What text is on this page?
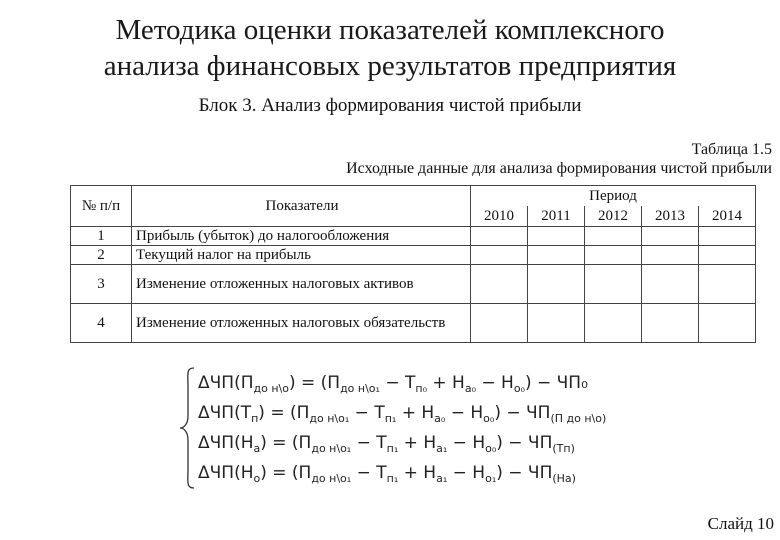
Методика оценки показателей комплексного
анализа финансовых результатов предприятия
Блок 3. Анализ формирования чистой прибыли
Таблица 1.5
Исходные данные для анализа формирования чистой прибыли
№ п/п	Показатели	Период				
		2010	2011	2012	2013	2014
1	Прибыль (убыток) до налогообложения					
2	Текущий налог на прибыль					
3	Изменение отложенных налоговых активов					
4	Изменение отложенных налоговых обязательств					
$\Delta ЧП(П_{до н\backslash о}) = (П_{до н\backslash о_1} - Т_{п_0} + Н_{а_0} - Н_{о_0}) - ЧП_0$
$\Delta ЧП(Т_п) = (П_{до н\backslash о_1} - Т_{п_1} + Н_{а_0} - Н_{о_0}) - ЧП_{(П до н\backslash о)}$
$\Delta ЧП(Н_а) = (П_{до н\backslash о_1} - Т_{п_1} + Н_{а_1} - Н_{о_0}) - ЧП_{(Тп)}$
$\Delta ЧП(Н_о) = (П_{до н\backslash о_1} - Т_{п_1} + Н_{а_1} - Н_{о_1}) - ЧП_{(На)}$
Слайд 10
